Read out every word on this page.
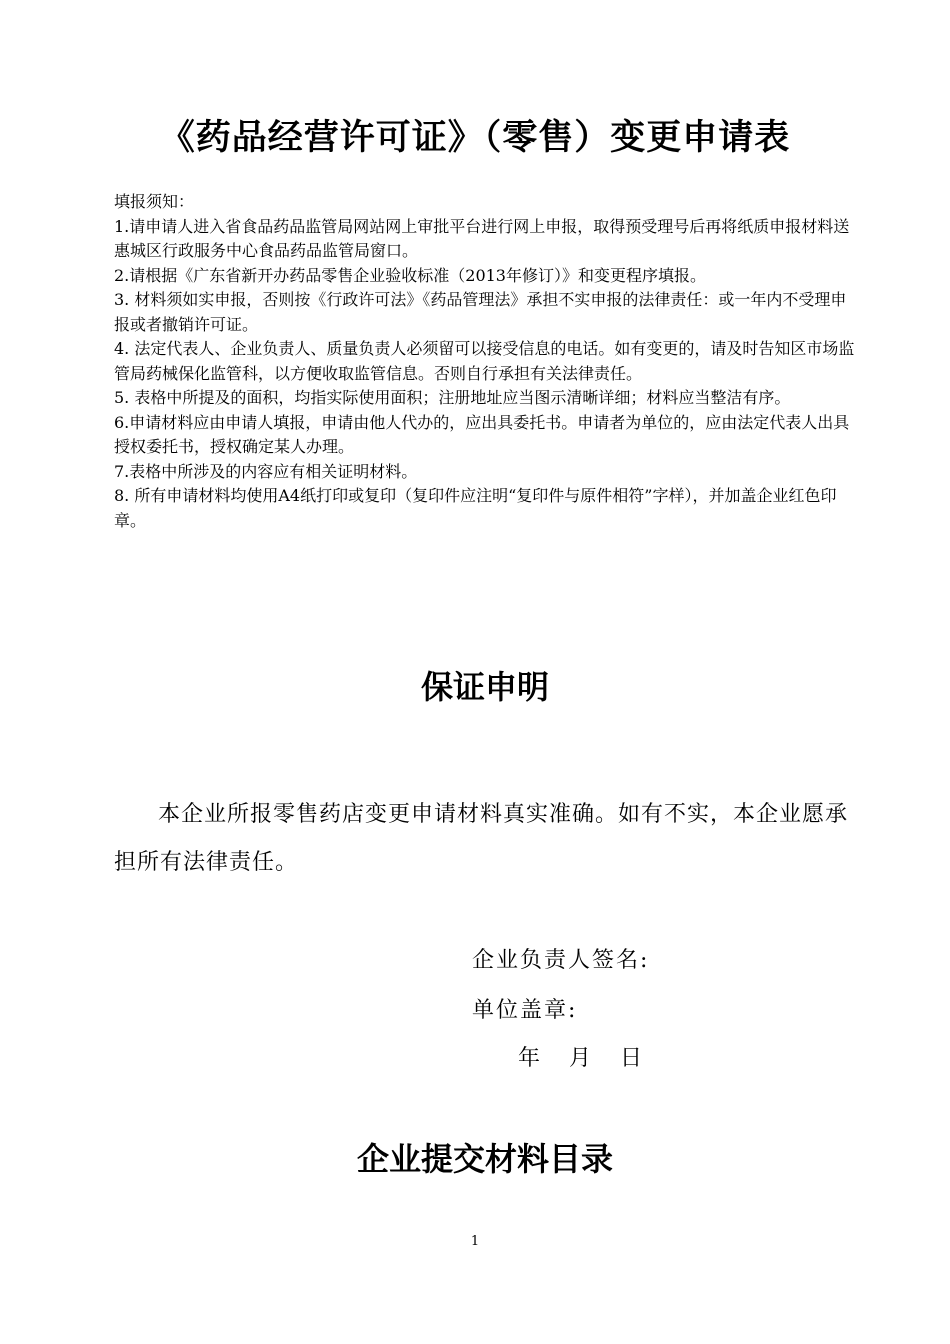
《药品经营许可证》（零售）变更申请表

填报须知：

1.请申请人进入省食品药品监管局网站网上审批平台进行网上申报，取得预受理号后再将纸质申报材料送惠城区行政服务中心食品药品监管局窗口。

2.请根据《广东省新开办药品零售企业验收标准（2013年修订）》和变更程序填报。

3. 材料须如实申报，否则按《行政许可法》《药品管理法》承担不实申报的法律责任：或一年内不受理申报或者撤销许可证。

4. 法定代表人、企业负责人、质量负责人必须留可以接受信息的电话。如有变更的，请及时告知区市场监管局药械保化监管科，以方便收取监管信息。否则自行承担有关法律责任。

5. 表格中所提及的面积，均指实际使用面积；注册地址应当图示清晰详细；材料应当整洁有序。

6.申请材料应由申请人填报，申请由他人代办的，应出具委托书。申请者为单位的，应由法定代表人出具授权委托书，授权确定某人办理。

7.表格中所涉及的内容应有相关证明材料。

8. 所有申请材料均使用A4纸打印或复印（复印件应注明“复印件与原件相符”字样），并加盖企业红色印章。

保证申明

本企业所报零售药店变更申请材料真实准确。如有不实，本企业愿承担所有法律责任。

企业负责人签名:
单位盖章:
年   月   日
企业提交材料目录
1
